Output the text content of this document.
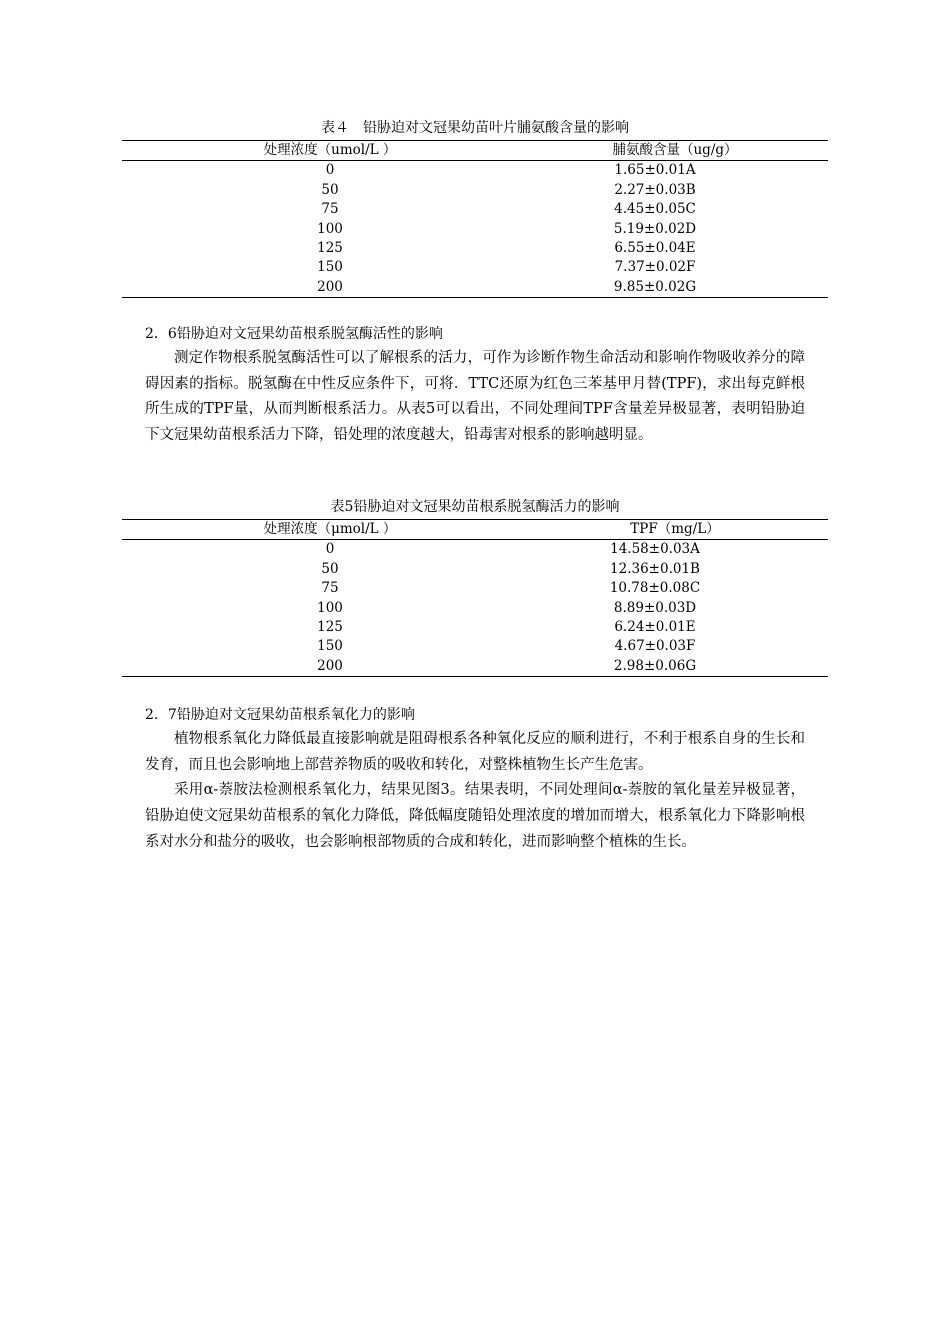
表４　铅胁迫对文冠果幼苗叶片脯氨酸含量的影响
处理浓度（umol/L ）	脯氨酸含量（ug/g）
0	1.65±0.01A
50	2.27±0.03B
75	4.45±0.05C
100	5.19±0.02D
125	6.55±0.04E
150	7.37±0.02F
200	9.85±0.02G
2．6铅胁迫对文冠果幼苗根系脱氢酶活性的影响

测定作物根系脱氢酶活性可以了解根系的活力，可作为诊断作物生命活动和影响作物吸收养分的障碍因素的指标。脱氢酶在中性反应条件下，可将．TTC还原为红色三苯基甲月替(TPF)，求出每克鲜根所生成的TPF量，从而判断根系活力。从表5可以看出，不同处理间TPF含量差异极显著，表明铅胁迫下文冠果幼苗根系活力下降，铅处理的浓度越大，铅毒害对根系的影响越明显。

表5铅胁迫对文冠果幼苗根系脱氢酶活力的影响
处理浓度（μmol/L ）	TPF（mg/L）
0	14.58±0.03A
50	12.36±0.01B
75	10.78±0.08C
100	8.89±0.03D
125	6.24±0.01E
150	4.67±0.03F
200	2.98±0.06G
2．7铅胁迫对文冠果幼苗根系氧化力的影响

植物根系氧化力降低最直接影响就是阻碍根系各种氧化反应的顺利进行，不利于根系自身的生长和发育，而且也会影响地上部营养物质的吸收和转化，对整株植物生长产生危害。

采用α-萘胺法检测根系氧化力，结果见图3。结果表明，不同处理间α-萘胺的氧化量差异极显著，铅胁迫使文冠果幼苗根系的氧化力降低，降低幅度随铅处理浓度的增加而增大，根系氧化力下降影响根系对水分和盐分的吸收，也会影响根部物质的合成和转化，进而影响整个植株的生长。
